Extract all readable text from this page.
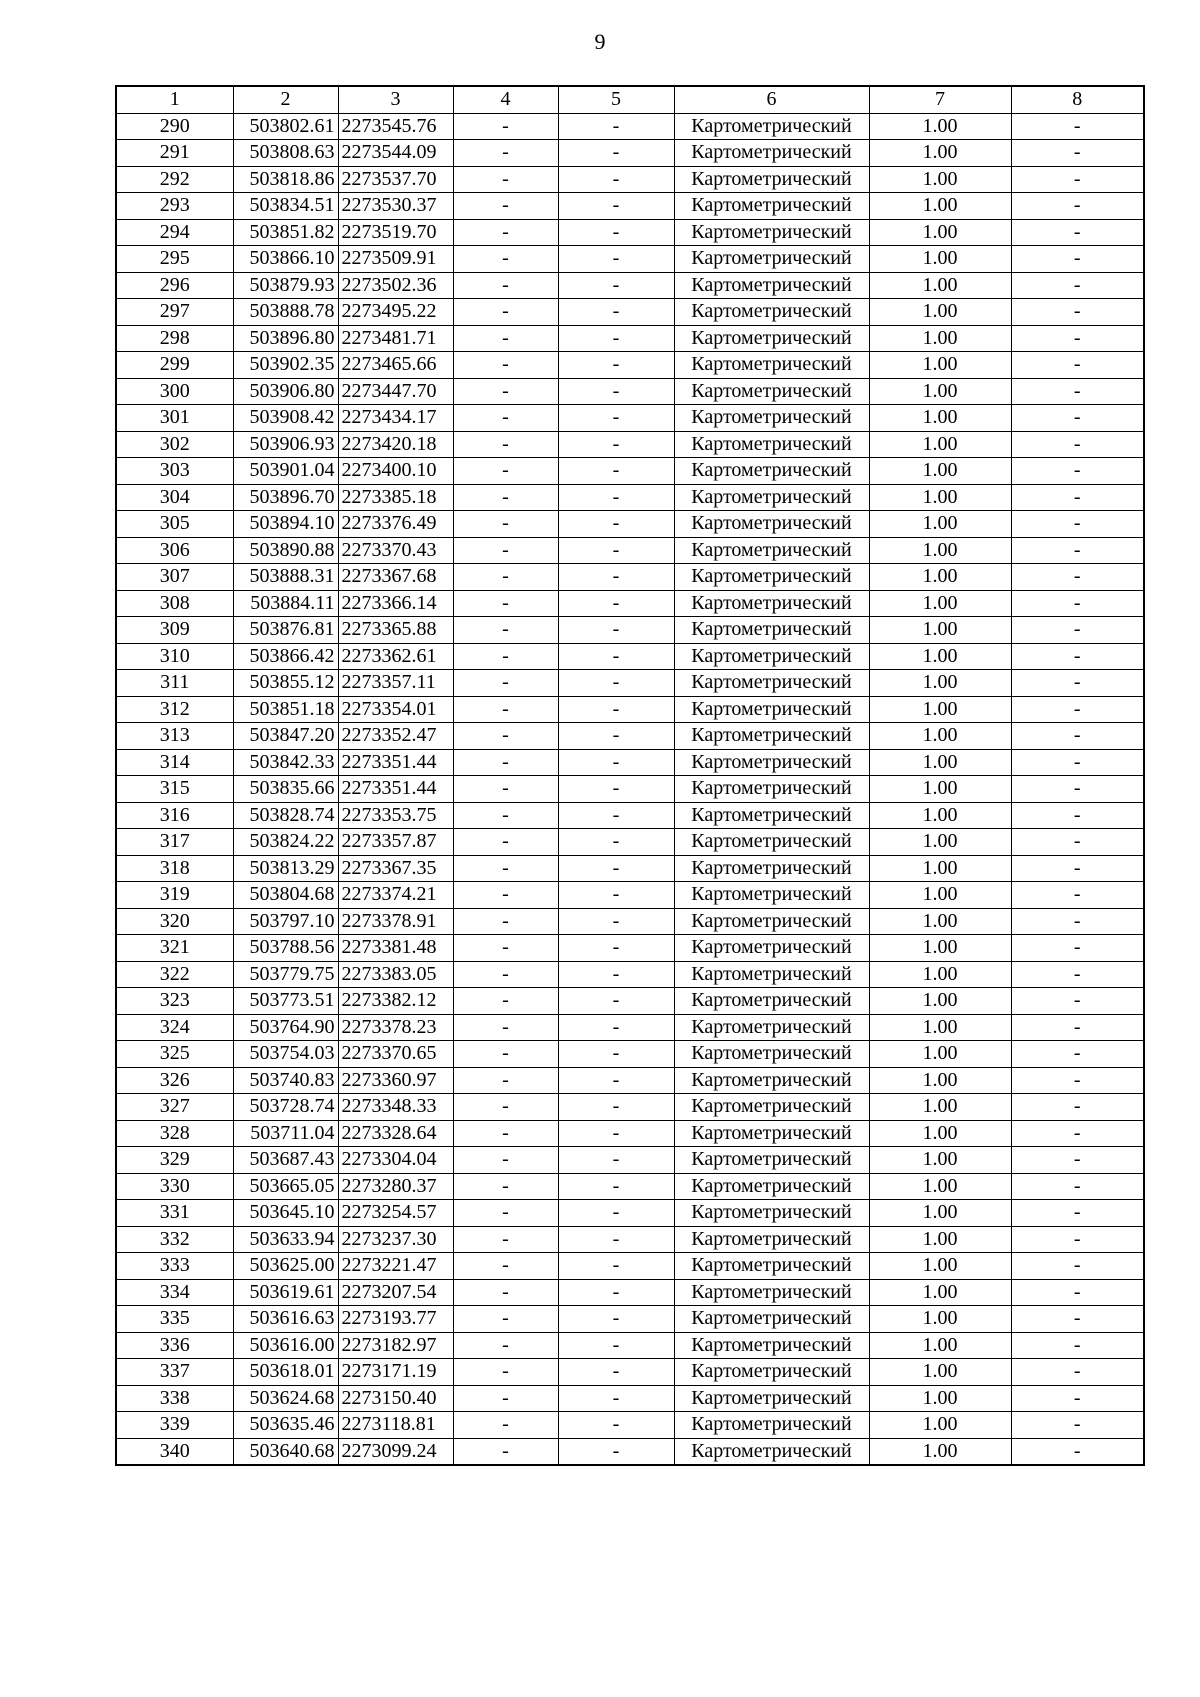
9
1	2	3	4	5	6	7	8
290	503802.61	2273545.76	-	-	Картометрический	1.00	-
291	503808.63	2273544.09	-	-	Картометрический	1.00	-
292	503818.86	2273537.70	-	-	Картометрический	1.00	-
293	503834.51	2273530.37	-	-	Картометрический	1.00	-
294	503851.82	2273519.70	-	-	Картометрический	1.00	-
295	503866.10	2273509.91	-	-	Картометрический	1.00	-
296	503879.93	2273502.36	-	-	Картометрический	1.00	-
297	503888.78	2273495.22	-	-	Картометрический	1.00	-
298	503896.80	2273481.71	-	-	Картометрический	1.00	-
299	503902.35	2273465.66	-	-	Картометрический	1.00	-
300	503906.80	2273447.70	-	-	Картометрический	1.00	-
301	503908.42	2273434.17	-	-	Картометрический	1.00	-
302	503906.93	2273420.18	-	-	Картометрический	1.00	-
303	503901.04	2273400.10	-	-	Картометрический	1.00	-
304	503896.70	2273385.18	-	-	Картометрический	1.00	-
305	503894.10	2273376.49	-	-	Картометрический	1.00	-
306	503890.88	2273370.43	-	-	Картометрический	1.00	-
307	503888.31	2273367.68	-	-	Картометрический	1.00	-
308	503884.11	2273366.14	-	-	Картометрический	1.00	-
309	503876.81	2273365.88	-	-	Картометрический	1.00	-
310	503866.42	2273362.61	-	-	Картометрический	1.00	-
311	503855.12	2273357.11	-	-	Картометрический	1.00	-
312	503851.18	2273354.01	-	-	Картометрический	1.00	-
313	503847.20	2273352.47	-	-	Картометрический	1.00	-
314	503842.33	2273351.44	-	-	Картометрический	1.00	-
315	503835.66	2273351.44	-	-	Картометрический	1.00	-
316	503828.74	2273353.75	-	-	Картометрический	1.00	-
317	503824.22	2273357.87	-	-	Картометрический	1.00	-
318	503813.29	2273367.35	-	-	Картометрический	1.00	-
319	503804.68	2273374.21	-	-	Картометрический	1.00	-
320	503797.10	2273378.91	-	-	Картометрический	1.00	-
321	503788.56	2273381.48	-	-	Картометрический	1.00	-
322	503779.75	2273383.05	-	-	Картометрический	1.00	-
323	503773.51	2273382.12	-	-	Картометрический	1.00	-
324	503764.90	2273378.23	-	-	Картометрический	1.00	-
325	503754.03	2273370.65	-	-	Картометрический	1.00	-
326	503740.83	2273360.97	-	-	Картометрический	1.00	-
327	503728.74	2273348.33	-	-	Картометрический	1.00	-
328	503711.04	2273328.64	-	-	Картометрический	1.00	-
329	503687.43	2273304.04	-	-	Картометрический	1.00	-
330	503665.05	2273280.37	-	-	Картометрический	1.00	-
331	503645.10	2273254.57	-	-	Картометрический	1.00	-
332	503633.94	2273237.30	-	-	Картометрический	1.00	-
333	503625.00	2273221.47	-	-	Картометрический	1.00	-
334	503619.61	2273207.54	-	-	Картометрический	1.00	-
335	503616.63	2273193.77	-	-	Картометрический	1.00	-
336	503616.00	2273182.97	-	-	Картометрический	1.00	-
337	503618.01	2273171.19	-	-	Картометрический	1.00	-
338	503624.68	2273150.40	-	-	Картометрический	1.00	-
339	503635.46	2273118.81	-	-	Картометрический	1.00	-
340	503640.68	2273099.24	-	-	Картометрический	1.00	-
